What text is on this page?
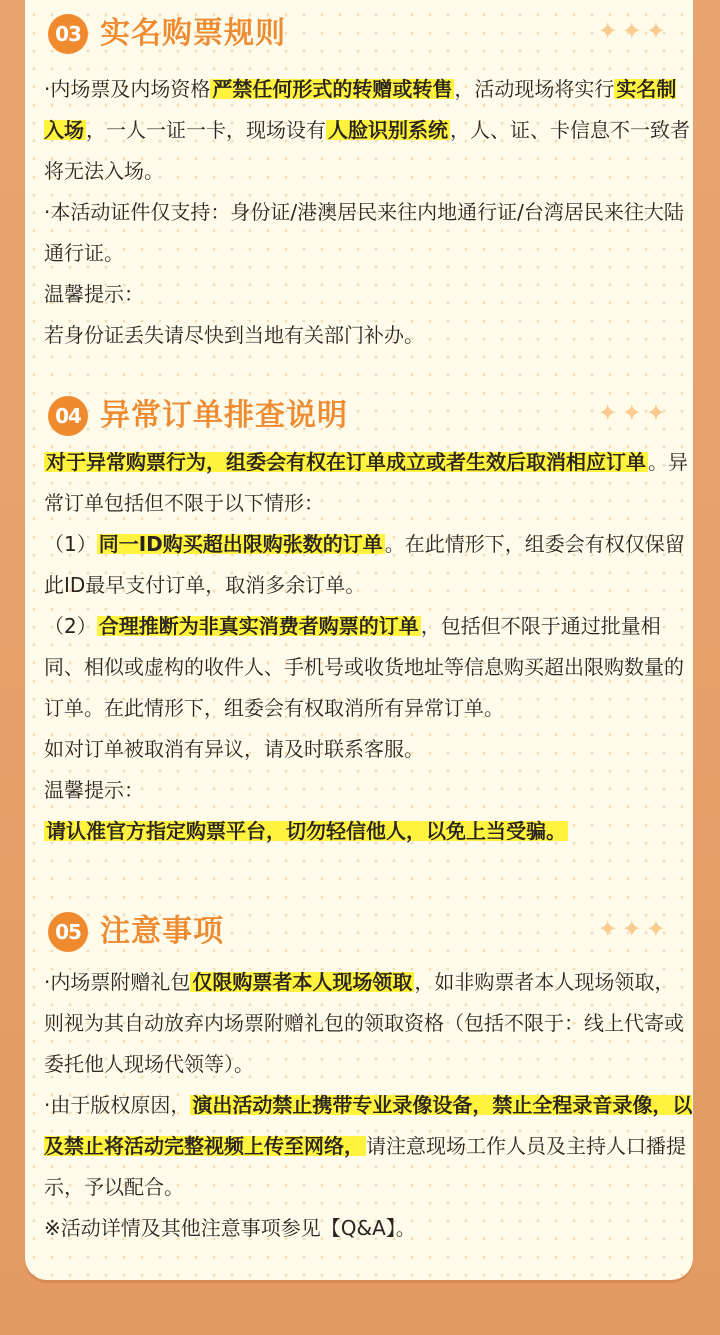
03 实名购票规则	✦✦✦

·内场票及内场资格 严禁任何形式的转赠或转售 ，活动现场将实行 实名制入场 ，一人一证一卡，现场设有 人脸识别系统 ，人、证、卡信息不一致者将无法入场。

·本活动证件仅支持：身份证/港澳居民来往内地通行证/台湾居民来往大陆通行证。

温馨提示：

若身份证丢失请尽快到当地有关部门补办。

04 异常订单排查说明	✦✦✦

对于异常购票行为，组委会有权在订单成立或者生效后取消相应订单 。异常订单包括但不限于以下情形：

（1） 同一ID购买超出限购张数的订单 。在此情形下，组委会有权仅保留此ID最早支付订单，取消多余订单。

（2） 合理推断为非真实消费者购票的订单 ，包括但不限于通过批量相同、相似或虚构的收件人、手机号或收货地址等信息购买超出限购数量的订单。在此情形下，组委会有权取消所有异常订单。

如对订单被取消有异议，请及时联系客服。

温馨提示：

请认准官方指定购票平台，切勿轻信他人，以免上当受骗。

05 注意事项	✦✦✦

·内场票附赠礼包 仅限购票者本人现场领取 ，如非购票者本人现场领取，则视为其自动放弃内场票附赠礼包的领取资格（包括不限于：线上代寄或委托他人现场代领等）。

·由于版权原因， 演出活动禁止携带专业录像设备，禁止全程录音录像，以及禁止将活动完整视频上传至网络， 请注意现场工作人员及主持人口播提示，予以配合。

※活动详情及其他注意事项参见【Q&A】。
